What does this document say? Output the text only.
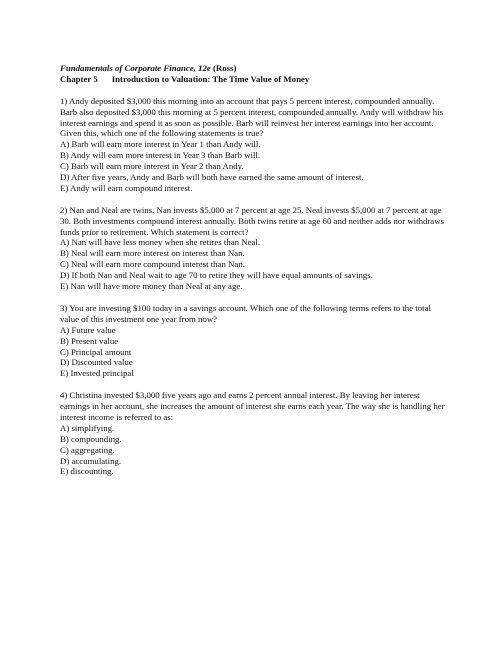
Fundamentals of Corporate Finance, 12e (Ross)
Chapter 5 Introduction to Valuation: The Time Value of Money

1) Andy deposited $3,000 this morning into an account that pays 5 percent interest, compounded annually. Barb also deposited $3,000 this morning at 5 percent interest, compounded annually. Andy will withdraw his interest earnings and spend it as soon as possible. Barb will reinvest her interest earnings into her account. Given this, which one of the following statements is true?

A) Barb will earn more interest in Year 1 than Andy will.
B) Andy will earn more interest in Year 3 than Barb will.
C) Barb will earn more interest in Year 2 than Andy.
D) After five years, Andy and Barb will both have earned the same amount of interest.
E) Andy will earn compound interest.

2) Nan and Neal are twins. Nan invests $5,000 at 7 percent at age 25. Neal invests $5,000 at 7 percent at age 30. Both investments compound interest annually. Both twins retire at age 60 and neither adds nor withdraws funds prior to retirement. Which statement is correct?

A) Nan will have less money when she retires than Neal.
B) Neal will earn more interest on interest than Nan.
C) Neal will earn more compound interest than Nan.
D) If both Nan and Neal wait to age 70 to retire they will have equal amounts of savings.
E) Nan will have more money than Neal at any age.

3) You are investing $100 today in a savings account. Which one of the following terms refers to the total value of this investment one year from now?

A) Future value
B) Present value
C) Principal amount
D) Discounted value
E) Invested principal

4) Christina invested $3,000 five years ago and earns 2 percent annual interest. By leaving her interest earnings in her account, she increases the amount of interest she earns each year. The way she is handling her interest income is referred to as:

A) simplifying.
B) compounding.
C) aggregating.
D) accumulating.
E) discounting.
